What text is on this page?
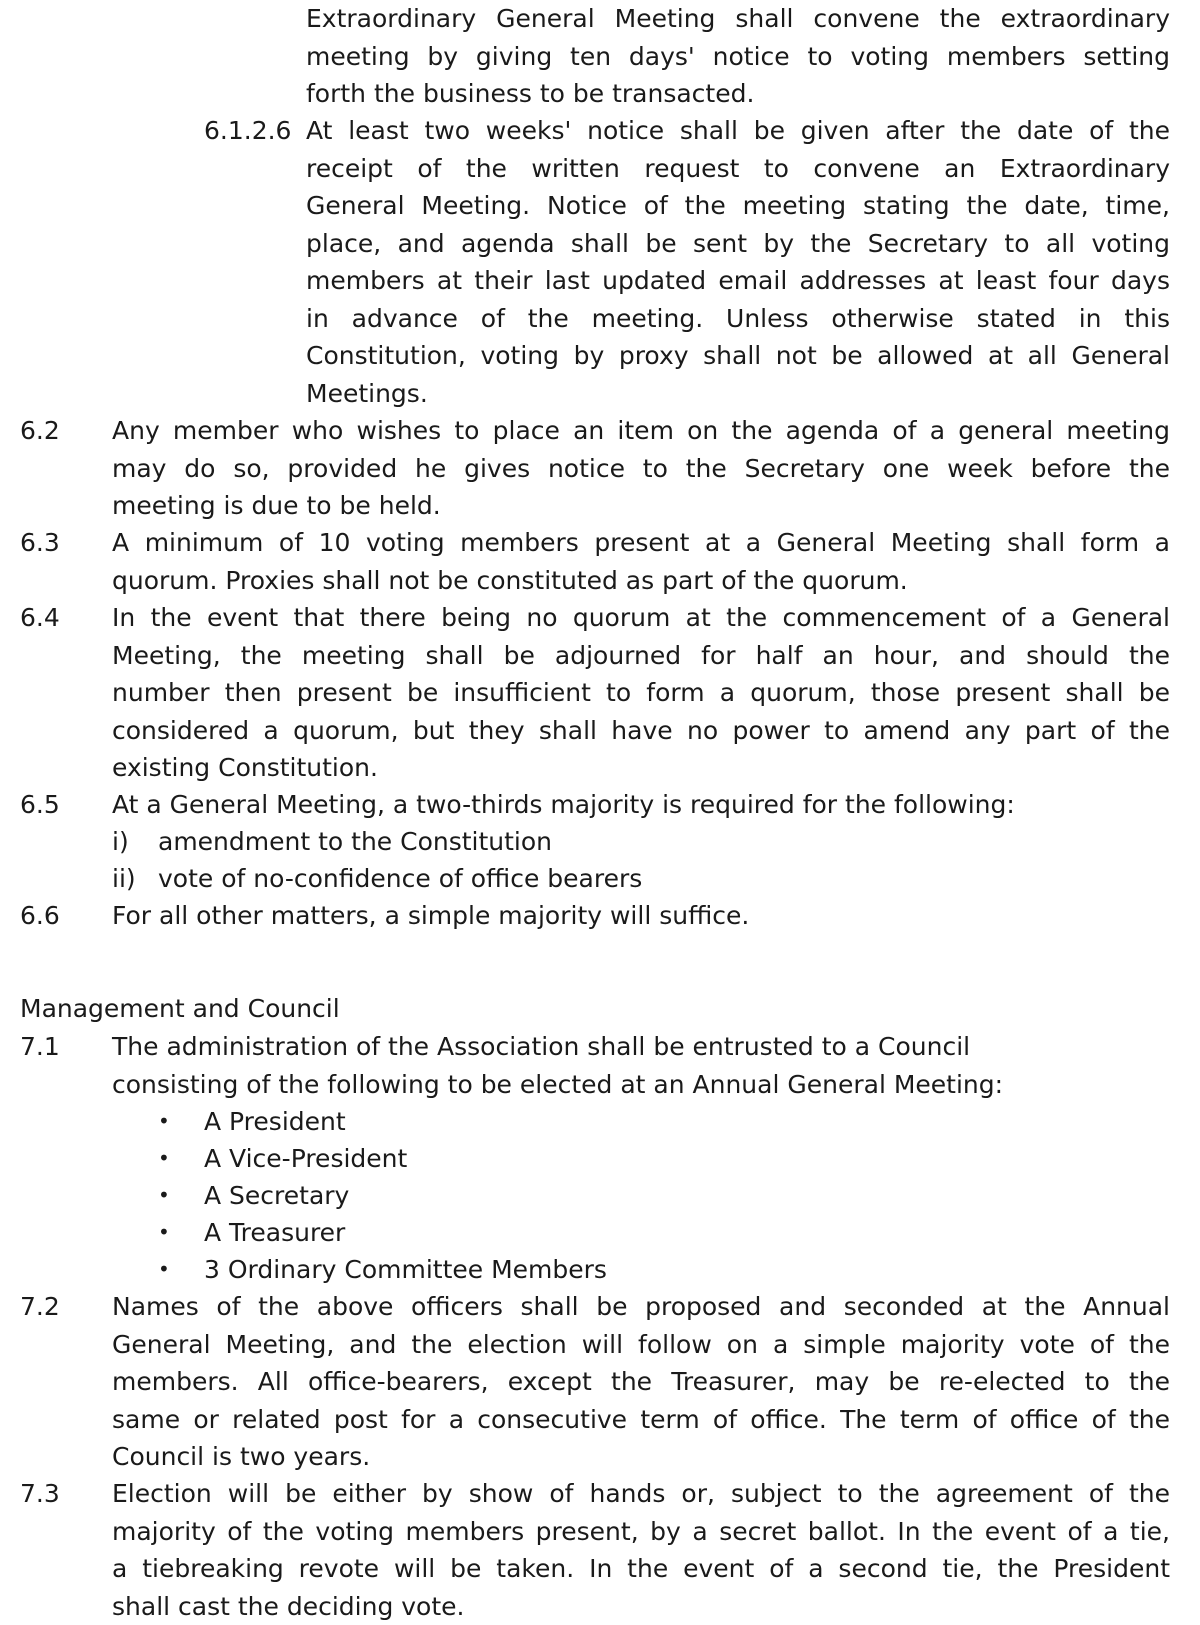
Extraordinary General Meeting shall convene the extraordinary
meeting by giving ten days' notice to voting members setting
forth the business to be transacted.
6.1.2.6 At least two weeks' notice shall be given after the date of the
receipt of the written request to convene an Extraordinary
General Meeting. Notice of the meeting stating the date, time,
place, and agenda shall be sent by the Secretary to all voting
members at their last updated email addresses at least four days
in advance of the meeting. Unless otherwise stated in this
Constitution, voting by proxy shall not be allowed at all General
Meetings.
6.2 Any member who wishes to place an item on the agenda of a general meeting
may do so, provided he gives notice to the Secretary one week before the
meeting is due to be held.
6.3 A minimum of 10 voting members present at a General Meeting shall form a
quorum. Proxies shall not be constituted as part of the quorum.
6.4 In the event that there being no quorum at the commencement of a General
Meeting, the meeting shall be adjourned for half an hour, and should the
number then present be insufficient to form a quorum, those present shall be
considered a quorum, but they shall have no power to amend any part of the
existing Constitution.
6.5 At a General Meeting, a two-thirds majority is required for the following:
i) amendment to the Constitution
ii) vote of no-confidence of office bearers
6.6 For all other matters, a simple majority will suffice.
Management and Council
7.1 The administration of the Association shall be entrusted to a Council
consisting of the following to be elected at an Annual General Meeting:
• A President
• A Vice-President
• A Secretary
• A Treasurer
• 3 Ordinary Committee Members
7.2 Names of the above officers shall be proposed and seconded at the Annual
General Meeting, and the election will follow on a simple majority vote of the
members. All office-bearers, except the Treasurer, may be re-elected to the
same or related post for a consecutive term of office. The term of office of the
Council is two years.
7.3 Election will be either by show of hands or, subject to the agreement of the
majority of the voting members present, by a secret ballot. In the event of a tie,
a tiebreaking revote will be taken. In the event of a second tie, the President
shall cast the deciding vote.
